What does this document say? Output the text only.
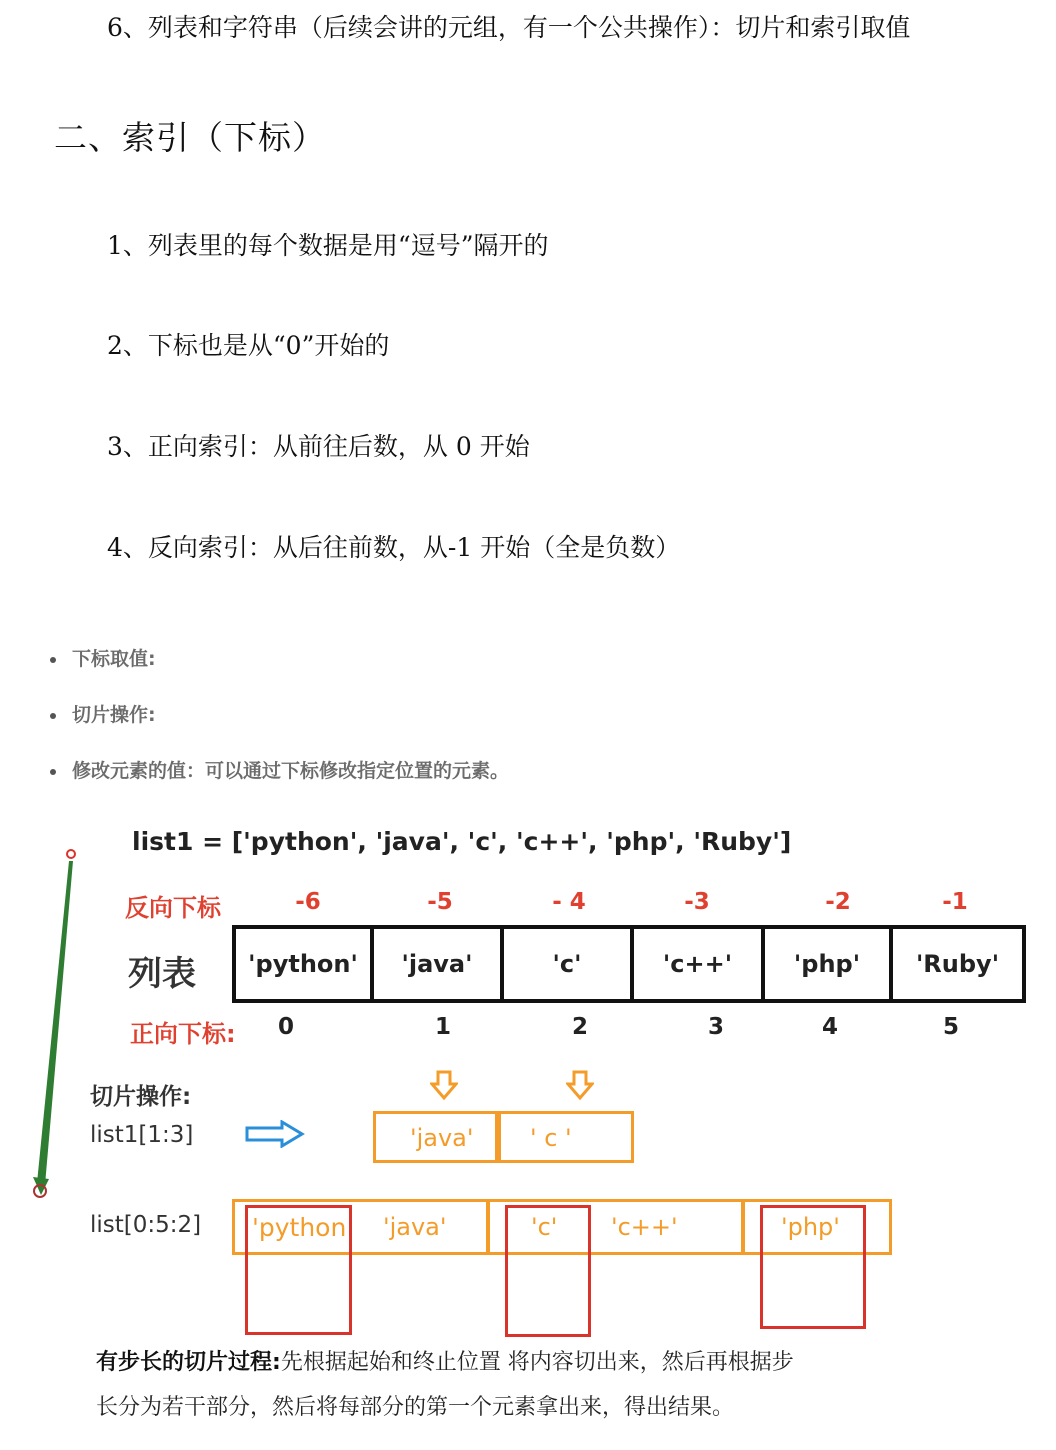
6、列表和字符串（后续会讲的元组，有一个公共操作）：切片和索引取值
二、索引（下标）
1、列表里的每个数据是用“逗号”隔开的
2、下标也是从“0”开始的
3、正向索引：从前往后数，从 0 开始
4、反向索引：从后往前数，从-1 开始（全是负数）
下标取值:
切片操作:
修改元素的值：可以通过下标修改指定位置的元素。
list1 = ['python', 'java', 'c', 'c++', 'php', 'Ruby']
反向下标	-6	-5	- 4	-3	-2	-1
列表	'python'	'java'	'c'	'c++'	'php'	'Ruby'
正向下标:	0	1	2	3	4	5
切片操作:
list1[1:3]	'java' ' c '
list[0:5:2] 'python 'java'	'c' 'c++'	'php'
有步长的切片过程:先根据起始和终止位置 将内容切出来，然后再根据步
长分为若干部分，然后将每部分的第一个元素拿出来，得出结果。
